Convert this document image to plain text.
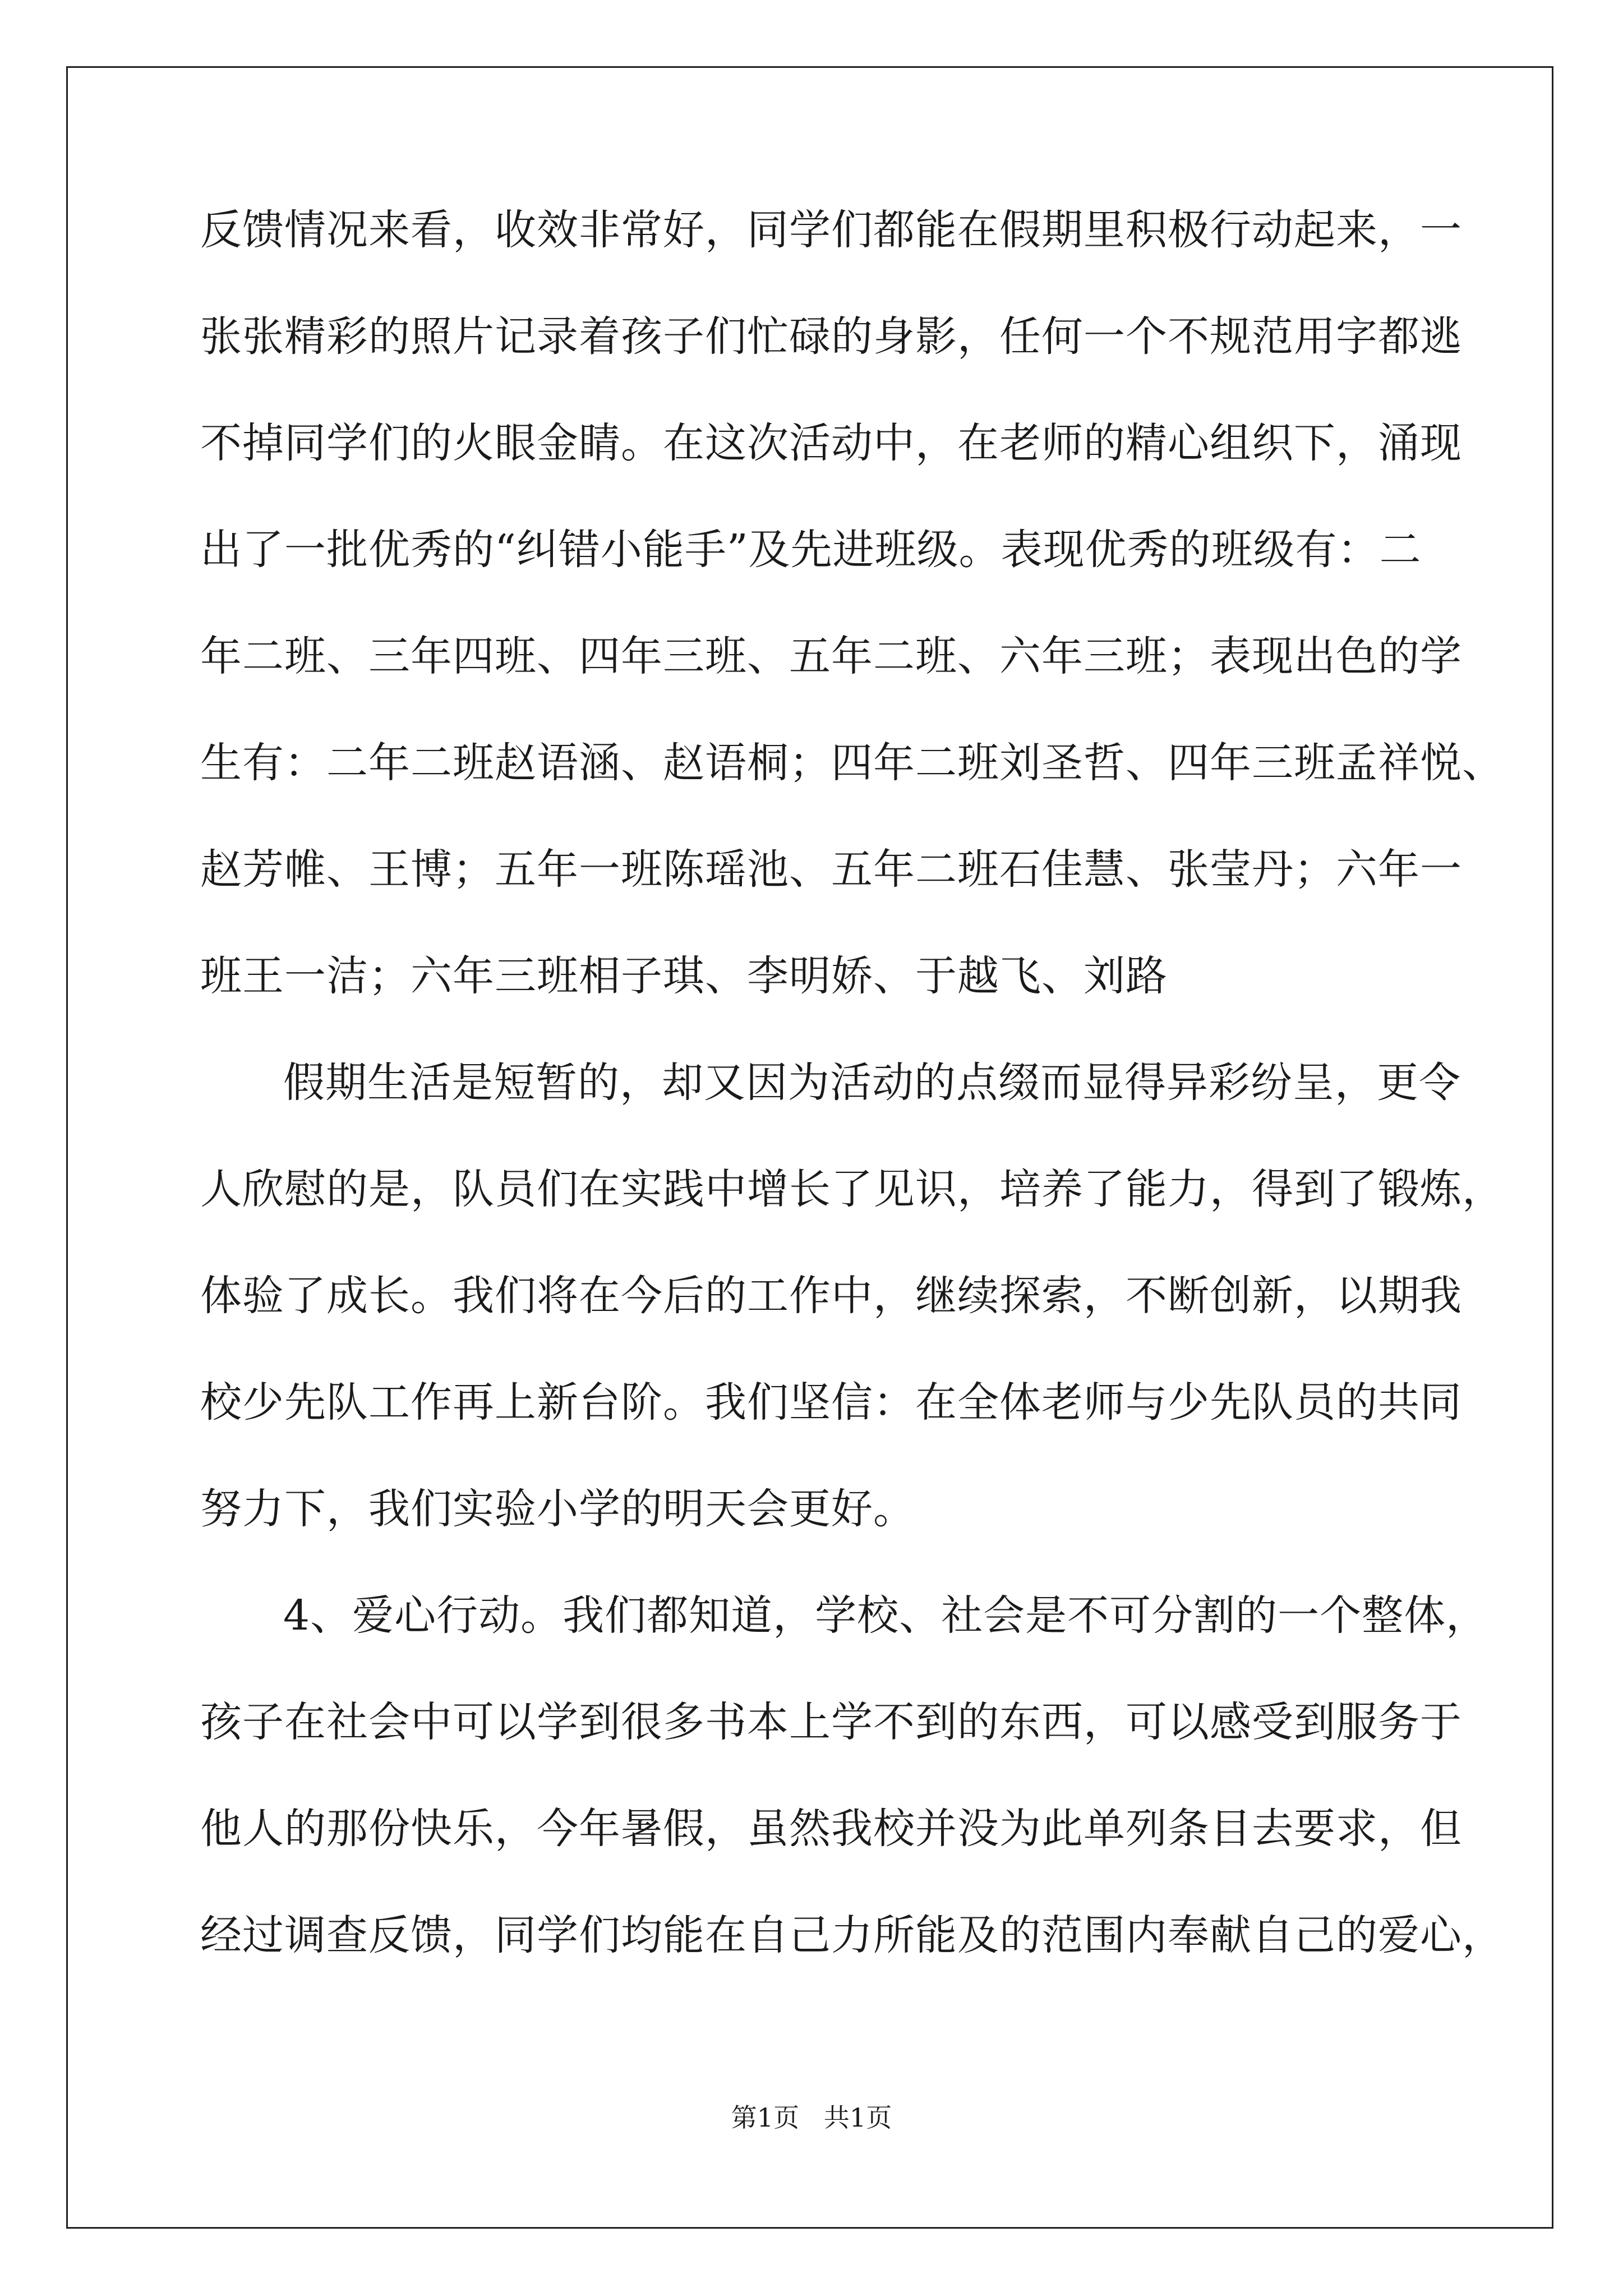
反馈情况来看，收效非常好，同学们都能在假期里积极行动起来，一
张张精彩的照片记录着孩子们忙碌的身影，任何一个不规范用字都逃
不掉同学们的火眼金睛。在这次活动中，在老师的精心组织下，涌现
出了一批优秀的“纠错小能手”及先进班级。表现优秀的班级有：二
年二班、三年四班、四年三班、五年二班、六年三班；表现出色的学
生有：二年二班赵语涵、赵语桐；四年二班刘圣哲、四年三班孟祥悦、
赵芳帷、王博；五年一班陈瑶池、五年二班石佳慧、张莹丹；六年一
班王一洁；六年三班相子琪、李明娇、于越飞、刘路
假期生活是短暂的，却又因为活动的点缀而显得异彩纷呈，更令
人欣慰的是，队员们在实践中增长了见识，培养了能力，得到了锻炼，
体验了成长。我们将在今后的工作中，继续探索，不断创新，以期我
校少先队工作再上新台阶。我们坚信：在全体老师与少先队员的共同
努力下，我们实验小学的明天会更好。
4、爱心行动。我们都知道，学校、社会是不可分割的一个整体，
孩子在社会中可以学到很多书本上学不到的东西，可以感受到服务于
他人的那份快乐，今年暑假，虽然我校并没为此单列条目去要求，但
经过调查反馈，同学们均能在自己力所能及的范围内奉献自己的爱心，
第1页   共1页
